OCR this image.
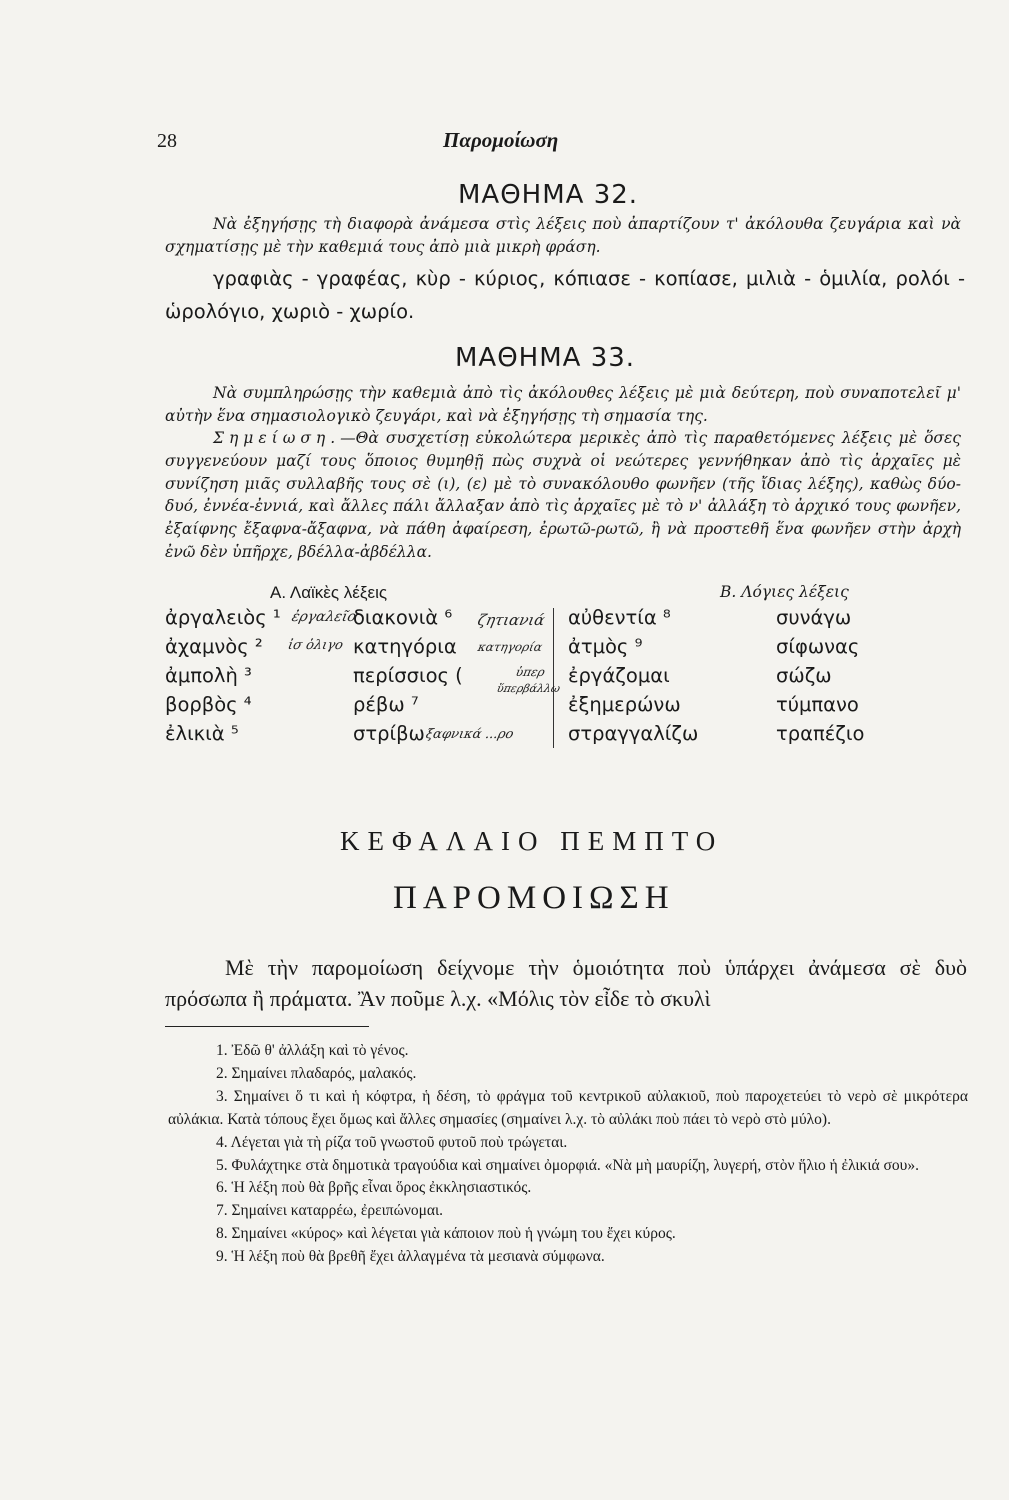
28	Παρομοίωση
ΜΑΘΗΜΑ 32.
Νὰ ἐξηγήσῃς τὴ διαφορὰ ἀνάμεσα στὶς λέξεις ποὺ ἀπαρτίζουν τ' ἀκόλουθα ζευγάρια καὶ νὰ σχηματίσῃς μὲ τὴν καθεμιά τους ἀπὸ μιὰ μικρὴ φράση.
γραφιὰς - γραφέας, κὺρ - κύριος, κόπιασε - κοπίασε, μιλιὰ - ὁμιλία, ρολόι - ὡρολόγιο, χωριὸ - χωρίο.
ΜΑΘΗΜΑ 33.
Νὰ συμπληρώσῃς τὴν καθεμιὰ ἀπὸ τὶς ἀκόλουθες λέξεις μὲ μιὰ δεύτερη, ποὺ συναποτελεῖ μ' αὐτὴν ἕνα σημασιολογικὸ ζευγάρι, καὶ νὰ ἐξηγήσῃς τὴ σημασία της.
Σημείωση.—Θὰ συσχετίσῃ εὐκολώτερα μερικὲς ἀπὸ τὶς παραθετόμενες λέξεις μὲ ὅσες συγγενεύουν μαζί τους ὅποιος θυμηθῇ πὼς συχνὰ οἱ νεώτερες γεννήθηκαν ἀπὸ τὶς ἀρχαῖες μὲ συνίζηση μιᾶς συλλαβῆς τους σὲ (ι), (ε) μὲ τὸ συνακόλουθο φωνῆεν (τῆς ἴδιας λέξης), καθὼς δύο-δυό, ἐννέα-ἐννιά, καὶ ἄλλες πάλι ἄλλαξαν ἀπὸ τὶς ἀρχαῖες μὲ τὸ ν' ἀλλάξη τὸ ἀρχικό τους φωνῆεν, ἐξαίφνης ἔξαφνα-ἄξαφνα, νὰ πάθη ἀφαίρεση, ἐρωτῶ-ρωτῶ, ἢ νὰ προστεθῆ ἕνα φωνῆεν στὴν ἀρχὴ ἐνῶ δὲν ὑπῆρχε, βδέλλα-ἀβδέλλα.
Α. Λαϊκὲς λέξεις	Β. Λόγιες λέξεις
ἀργαλειὸς ¹
ἀχαμνὸς ²
ἀμπολὴ ³
βορβὸς ⁴
ἐλικιὰ ⁵
διακονιὰ ⁶
κατηγόρια
περίσσιος (
ρέβω ⁷
στρίβω
αὐθεντία ⁸
ἀτμὸς ⁹
ἐργάζομαι
ἐξημερώνω
στραγγαλίζω
συνάγω
σίφωνας
σώζω
τύμπανο
τραπέζιο
ἐργαλεῖο
ἰσ ὁλιγο
ζητιανιά
κατηγορία
ὑπερ
ὕπερβάλλω
ξαφνικά ...ρο
ΚΕΦΑΛΑΙΟ ΠΕΜΠΤΟ
ΠΑΡΟΜΟΙΩΣΗ
Μὲ τὴν παρομοίωση δείχνομε τὴν ὁμοιότητα ποὺ ὑπάρχει ἀνάμεσα σὲ δυὸ πρόσωπα ἢ πράματα. Ἂν ποῦμε λ.χ. «Μόλις τὸν εἶδε τὸ σκυλὶ

1. Ἐδῶ θ' ἀλλάξη καὶ τὸ γένος.

2. Σημαίνει πλαδαρός, μαλακός.

3. Σημαίνει ὅ τι καὶ ἡ κόφτρα, ἡ δέση, τὸ φράγμα τοῦ κεντρικοῦ αὐλακιοῦ, ποὺ παροχετεύει τὸ νερὸ σὲ μικρότερα αὐλάκια. Κατὰ τόπους ἔχει ὅμως καὶ ἄλλες σημασίες (σημαίνει λ.χ. τὸ αὐλάκι ποὺ πάει τὸ νερὸ στὸ μύλο).

4. Λέγεται γιὰ τὴ ρίζα τοῦ γνωστοῦ φυτοῦ ποὺ τρώγεται.

5. Φυλάχτηκε στὰ δημοτικὰ τραγούδια καὶ σημαίνει ὀμορφιά. «Νὰ μὴ μαυρίζη, λυγερή, στὸν ἥλιο ἡ ἐλικιά σου».

6. Ἡ λέξη ποὺ θὰ βρῆς εἶναι ὅρος ἐκκλησιαστικός.

7. Σημαίνει καταρρέω, ἐρειπώνομαι.

8. Σημαίνει «κύρος» καὶ λέγεται γιὰ κάποιον ποὺ ἡ γνώμη του ἔχει κύρος.

9. Ἡ λέξη ποὺ θὰ βρεθῆ ἔχει ἀλλαγμένα τὰ μεσιανὰ σύμφωνα.
